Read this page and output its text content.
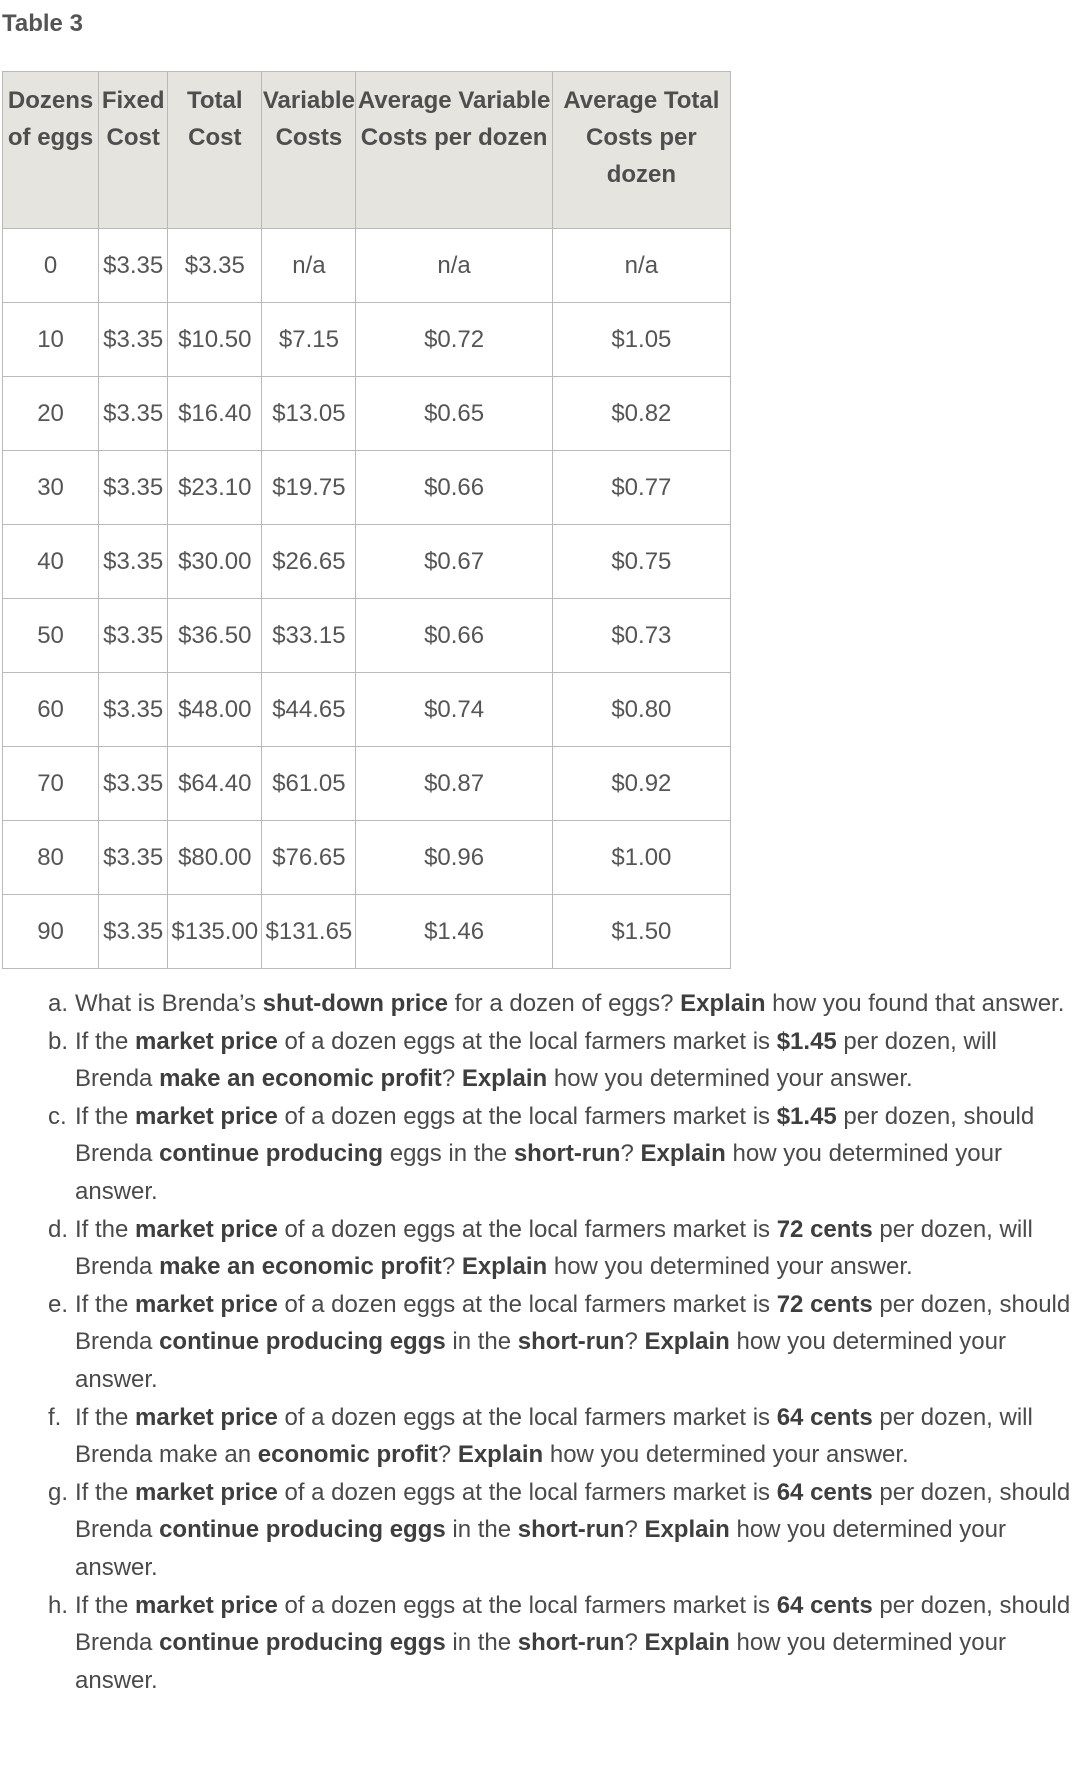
Table 3
Dozens of eggs	Fixed Cost	Total Cost	Variable Costs	Average Variable Costs per dozen	Average Total Costs per dozen
0	$3.35	$3.35	n/a	n/a	n/a
10	$3.35	$10.50	$7.15	$0.72	$1.05
20	$3.35	$16.40	$13.05	$0.65	$0.82
30	$3.35	$23.10	$19.75	$0.66	$0.77
40	$3.35	$30.00	$26.65	$0.67	$0.75
50	$3.35	$36.50	$33.15	$0.66	$0.73
60	$3.35	$48.00	$44.65	$0.74	$0.80
70	$3.35	$64.40	$61.05	$0.87	$0.92
80	$3.35	$80.00	$76.65	$0.96	$1.00
90	$3.35	$135.00	$131.65	$1.46	$1.50
a. What is Brenda’s shut-down price for a dozen of eggs? Explain how you found that answer.
b. If the market price of a dozen eggs at the local farmers market is $1.45 per dozen, will Brenda make an economic profit? Explain how you determined your answer.
c. If the market price of a dozen eggs at the local farmers market is $1.45 per dozen, should Brenda continue producing eggs in the short-run? Explain how you determined your answer.
d. If the market price of a dozen eggs at the local farmers market is 72 cents per dozen, will Brenda make an economic profit? Explain how you determined your answer.
e. If the market price of a dozen eggs at the local farmers market is 72 cents per dozen, should Brenda continue producing eggs in the short-run? Explain how you determined your answer.
f. If the market price of a dozen eggs at the local farmers market is 64 cents per dozen, will Brenda make an economic profit? Explain how you determined your answer.
g. If the market price of a dozen eggs at the local farmers market is 64 cents per dozen, should Brenda continue producing eggs in the short-run? Explain how you determined your answer.
h. If the market price of a dozen eggs at the local farmers market is 64 cents per dozen, should Brenda continue producing eggs in the short-run? Explain how you determined your answer.
